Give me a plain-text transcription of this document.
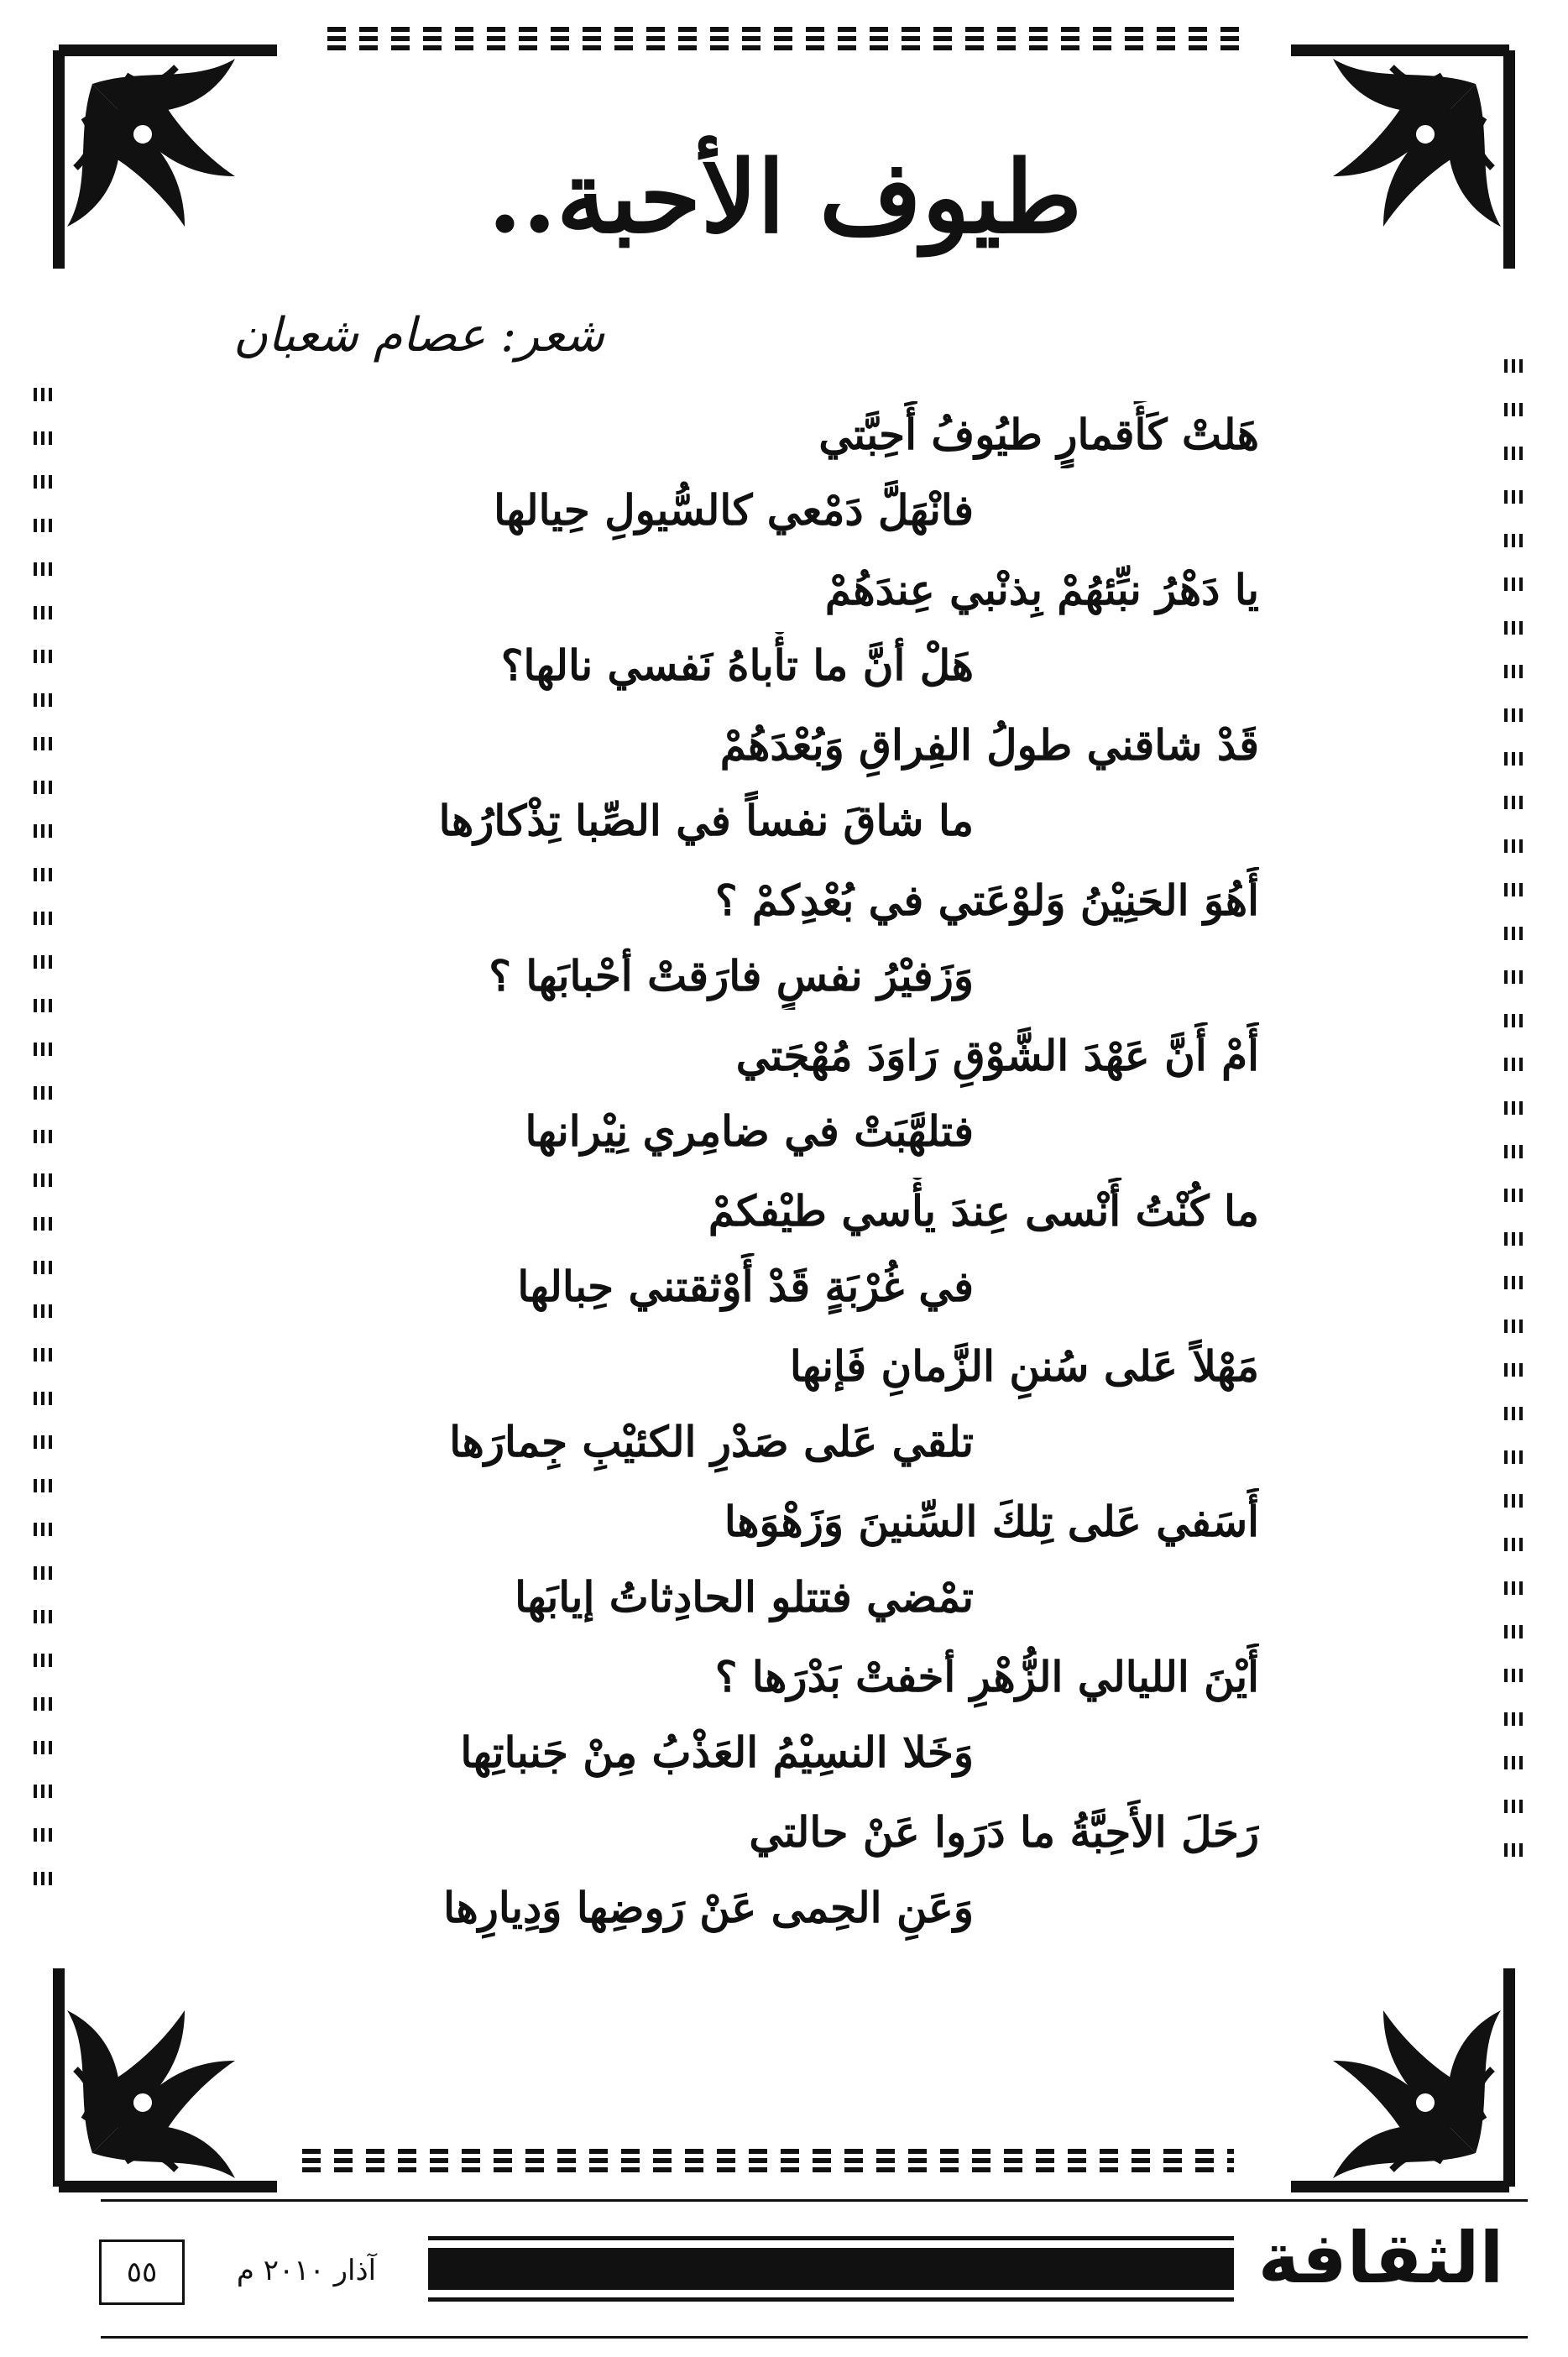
طيوف الأحبة..
شعر: عصام شعبان
هَلتْ كَأَقمارٍ طيُوفُ أَحِبَّتي
فانْهَلَّ دَمْعي كالسُّيولِ حِيالها
يا دَهْرُ نبِّئهُمْ بِذنْبي عِندَهُمْ
هَلْ أنَّ ما تأْباهُ نَفسي نالها؟
قَدْ شاقني طولُ الفِراقِ وَبُعْدَهُمْ
ما شاقَ نفساً في الصِّبا تِذْكارُها
أَهُوَ الحَنِيْنُ وَلوْعَتي في بُعْدِكمْ ؟
وَزَفيْرُ نفسٍ فارَقتْ أحْبابَها ؟
أَمْ أَنَّ عَهْدَ الشَّوْقِ رَاوَدَ مُهْجَتي
فتلهَّبَتْ في ضامِري نِيْرانها
ما كُنْتُ أَنْسى عِندَ يأْسي طيْفكمْ
في غُرْبَةٍ قَدْ أَوْثقتني حِبالها
مَهْلاً عَلى سُننِ الزَّمانِ فَإنها
تلقي عَلى صَدْرِ الكئيْبِ جِمارَها
أَسَفي عَلى تِلكَ السِّنينَ وَزَهْوَها
تمْضي فتتلو الحادِثاتُ إيابَها
أَيْنَ الليالي الزُّهْرِ أخفتْ بَدْرَها ؟
وَخَلا النسِيْمُ العَذْبُ مِنْ جَنباتِها
رَحَلَ الأَحِبَّةُ ما دَرَوا عَنْ حالتي
وَعَنِ الحِمى عَنْ رَوضِها وَدِيارِها
الثقافة
آذار ٢٠١٠ م
٥٥
